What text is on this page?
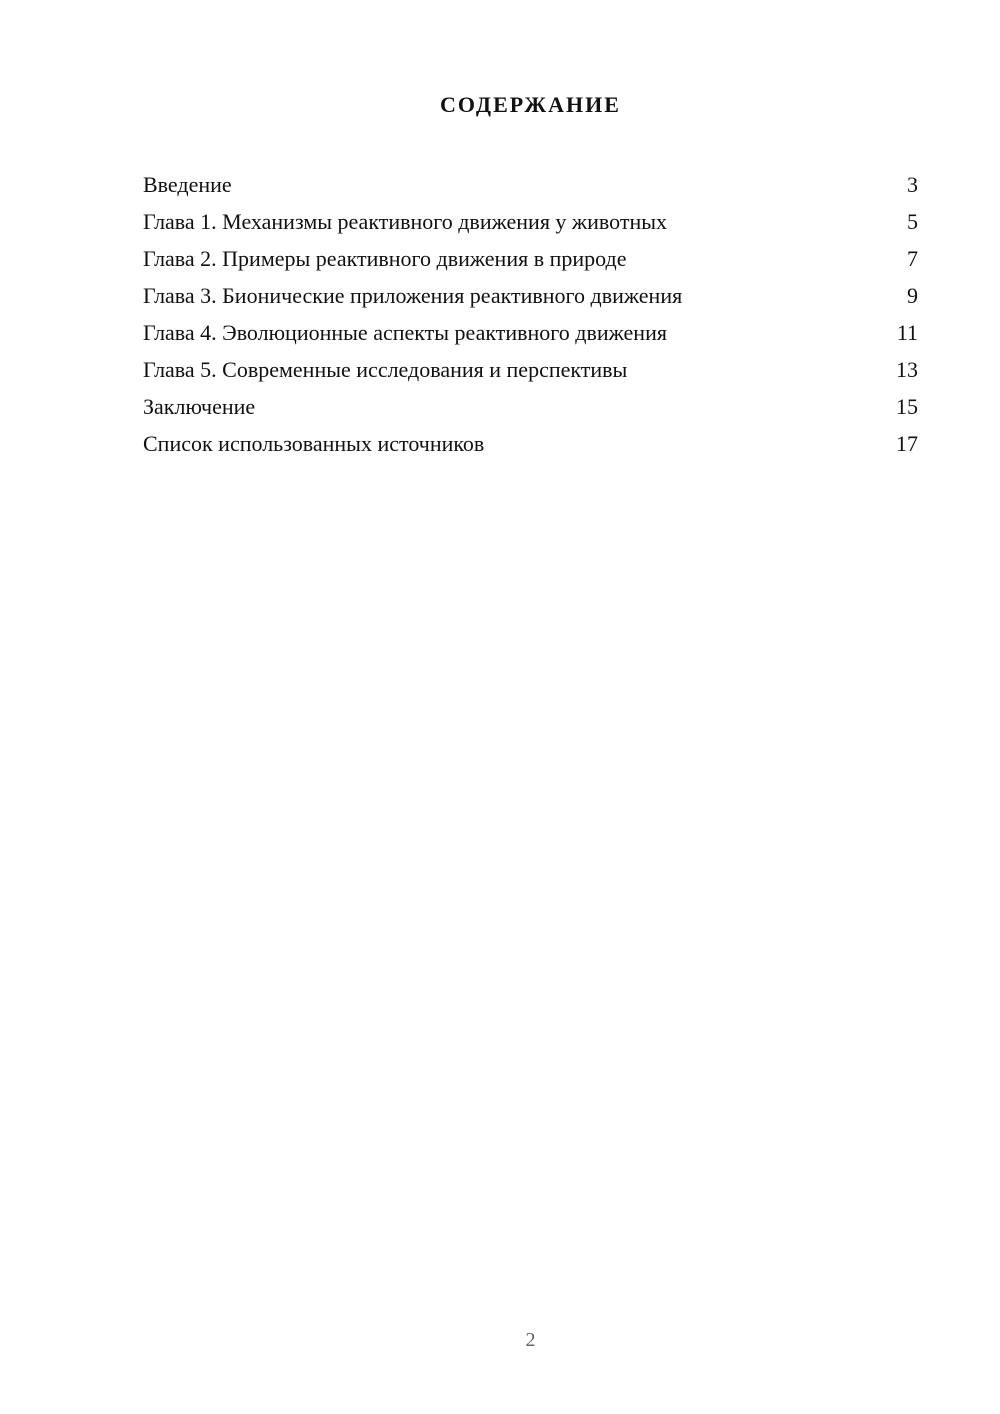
СОДЕРЖАНИЕ
Введение	3
Глава 1. Механизмы реактивного движения у животных	5
Глава 2. Примеры реактивного движения в природе	7
Глава 3. Бионические приложения реактивного движения	9
Глава 4. Эволюционные аспекты реактивного движения	11
Глава 5. Современные исследования и перспективы	13
Заключение	15
Список использованных источников	17
2
